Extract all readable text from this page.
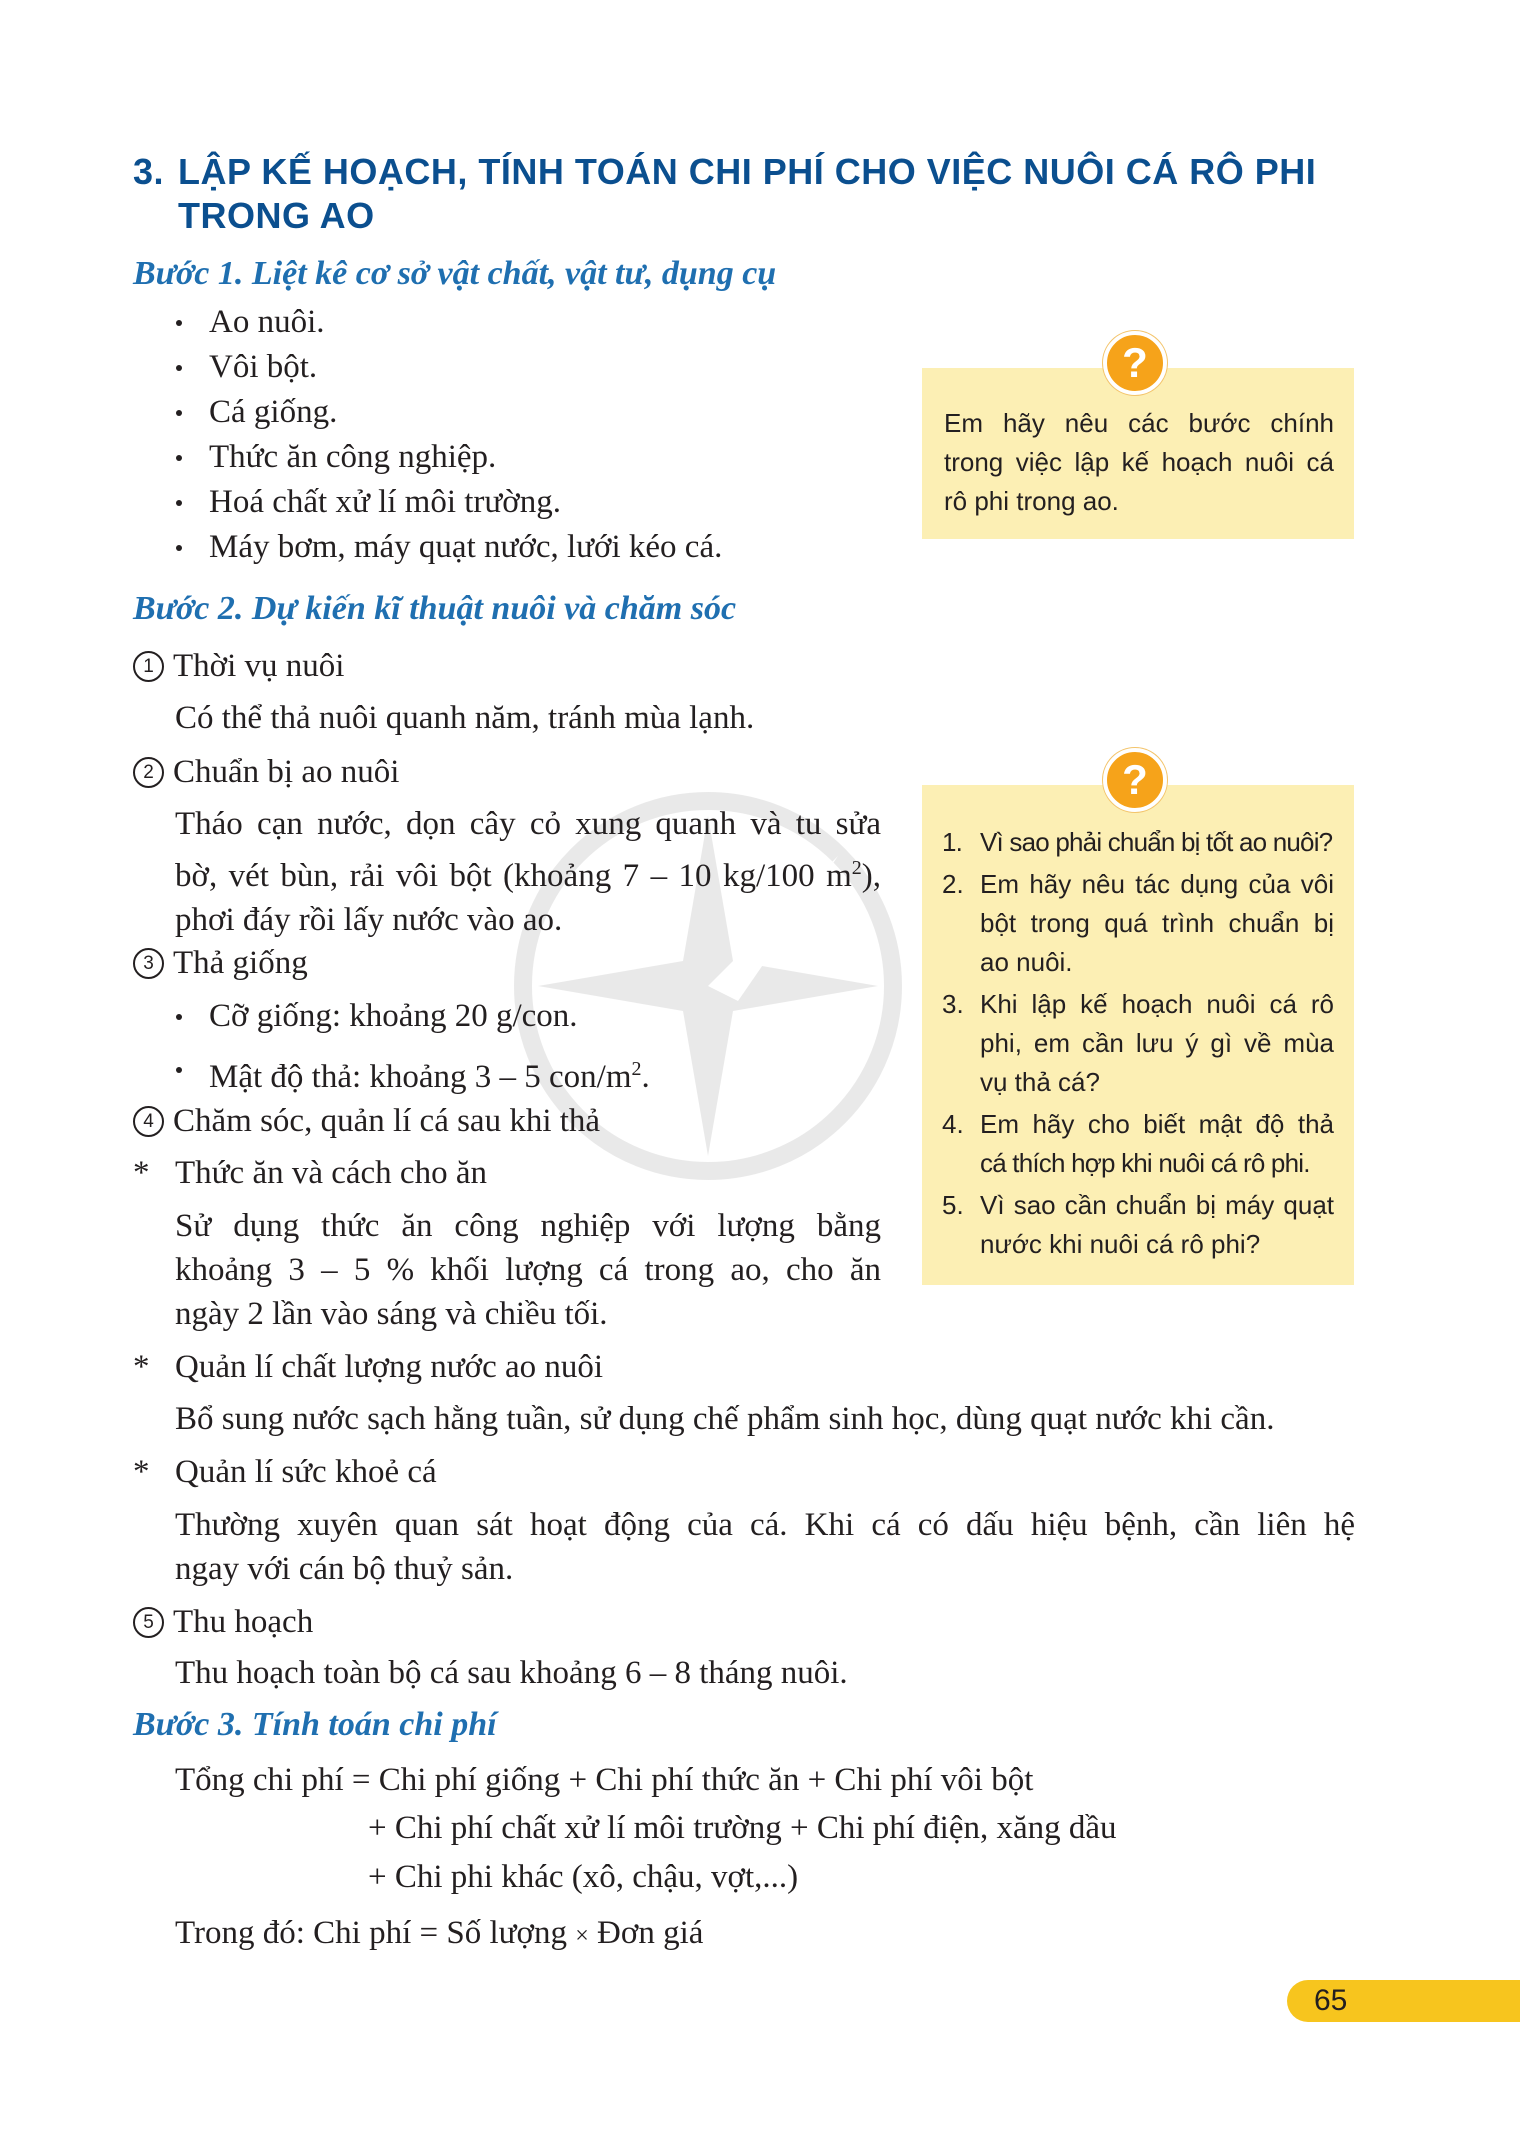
3. LẬP KẾ HOẠCH, TÍNH TOÁN CHI PHÍ CHO VIỆC NUÔI CÁ RÔ PHI
TRONG AO
Bước 1. Liệt kê cơ sở vật chất, vật tư, dụng cụ
Ao nuôi.
Vôi bột.
Cá giống.
Thức ăn công nghiệp.
Hoá chất xử lí môi trường.
Máy bơm, máy quạt nước, lưới kéo cá.
Em hãy nêu các bước chính
trong việc lập kế hoạch nuôi cá
rô phi trong ao.
?
Bước 2. Dự kiến kĩ thuật nuôi và chăm sóc
1 Thời vụ nuôi
Có thể thả nuôi quanh năm, tránh mùa lạnh.
2 Chuẩn bị ao nuôi
Tháo cạn nước, dọn cây cỏ xung quanh và tu sửa
bờ, vét bùn, rải vôi bột (khoảng 7 – 10 kg/100 $m^2$),
phơi đáy rồi lấy nước vào ao.
3 Thả giống
Cỡ giống: khoảng 20 g/con.
Mật độ thả: khoảng 3 – 5 con/$m^2$.
4 Chăm sóc, quản lí cá sau khi thả
* Thức ăn và cách cho ăn
Sử dụng thức ăn công nghiệp với lượng bằng
khoảng 3 – 5 % khối lượng cá trong ao, cho ăn
ngày 2 lần vào sáng và chiều tối.
* Quản lí chất lượng nước ao nuôi
Bổ sung nước sạch hằng tuần, sử dụng chế phẩm sinh học, dùng quạt nước khi cần.
* Quản lí sức khoẻ cá
Thường xuyên quan sát hoạt động của cá. Khi cá có dấu hiệu bệnh, cần liên hệ
ngay với cán bộ thuỷ sản.
5 Thu hoạch
Thu hoạch toàn bộ cá sau khoảng 6 – 8 tháng nuôi.
Bước 3. Tính toán chi phí
Tổng chi phí = Chi phí giống + Chi phí thức ăn + Chi phí vôi bột
+ Chi phí chất xử lí môi trường + Chi phí điện, xăng dầu
+ Chi phi khác (xô, chậu, vợt,...)
Trong đó: Chi phí = Số lượng × Đơn giá
1. Vì sao phải chuẩn bị tốt ao nuôi?
2. Em hãy nêu tác dụng của vôi
bột trong quá trình chuẩn bị
ao nuôi.
3. Khi lập kế hoạch nuôi cá rô
phi, em cần lưu ý gì về mùa
vụ thả cá?
4. Em hãy cho biết mật độ thả
cá thích hợp khi nuôi cá rô phi.
5. Vì sao cần chuẩn bị máy quạt
nước khi nuôi cá rô phi?
?
65
